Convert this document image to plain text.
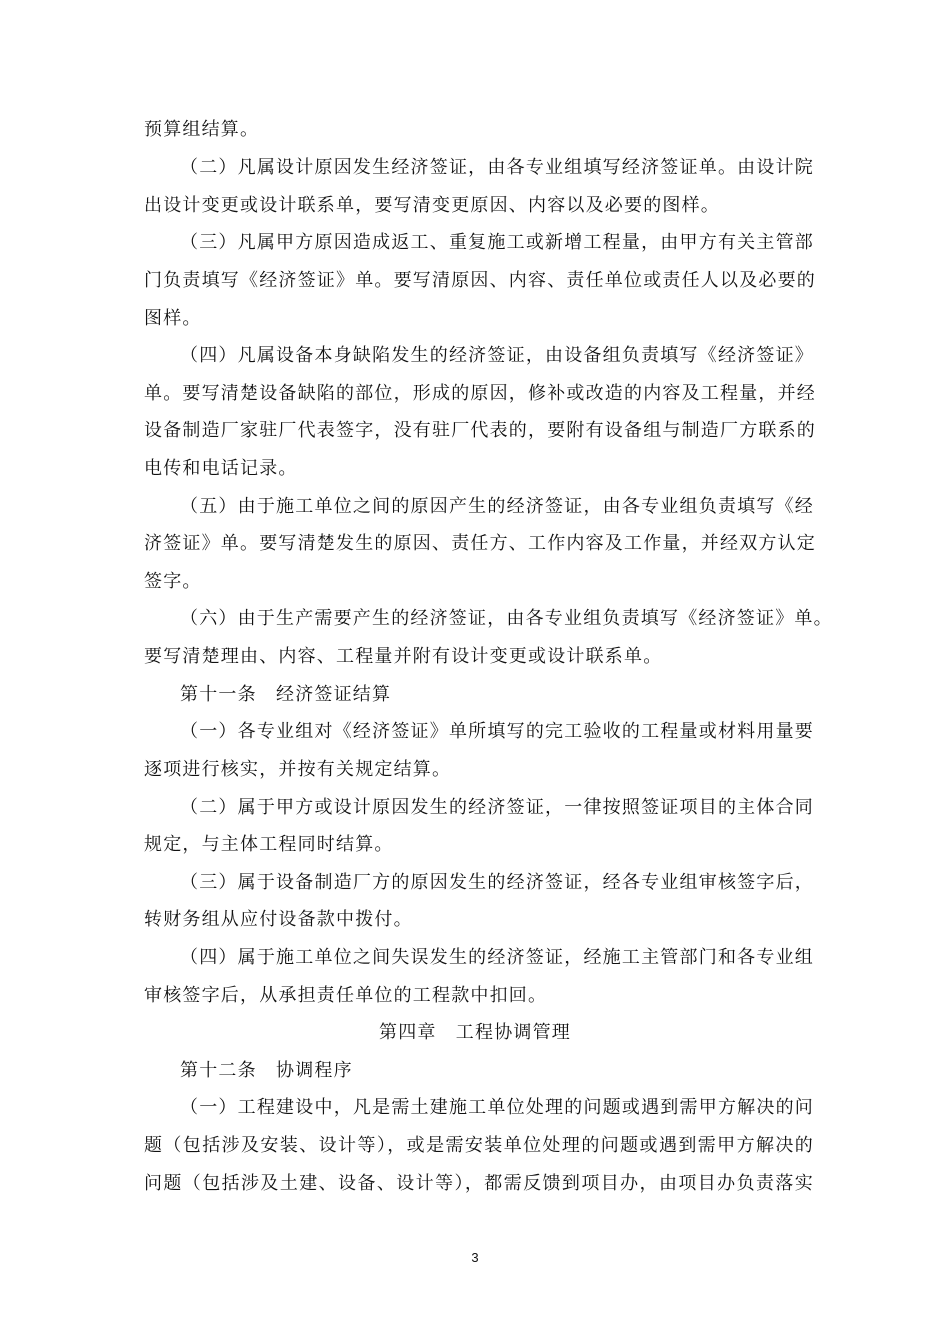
预算组结算。
（二）凡属设计原因发生经济签证，由各专业组填写经济签证单。由设计院
出设计变更或设计联系单，要写清变更原因、内容以及必要的图样。
（三）凡属甲方原因造成返工、重复施工或新增工程量，由甲方有关主管部
门负责填写《经济签证》单。要写清原因、内容、责任单位或责任人以及必要的
图样。
（四）凡属设备本身缺陷发生的经济签证，由设备组负责填写《经济签证》
单。要写清楚设备缺陷的部位，形成的原因，修补或改造的内容及工程量，并经
设备制造厂家驻厂代表签字，没有驻厂代表的，要附有设备组与制造厂方联系的
电传和电话记录。
（五）由于施工单位之间的原因产生的经济签证，由各专业组负责填写《经
济签证》单。要写清楚发生的原因、责任方、工作内容及工作量，并经双方认定
签字。
（六）由于生产需要产生的经济签证，由各专业组负责填写《经济签证》单。
要写清楚理由、内容、工程量并附有设计变更或设计联系单。
第十一条　经济签证结算
（一）各专业组对《经济签证》单所填写的完工验收的工程量或材料用量要
逐项进行核实，并按有关规定结算。
（二）属于甲方或设计原因发生的经济签证，一律按照签证项目的主体合同
规定，与主体工程同时结算。
（三）属于设备制造厂方的原因发生的经济签证，经各专业组审核签字后，
转财务组从应付设备款中拨付。
（四）属于施工单位之间失误发生的经济签证，经施工主管部门和各专业组
审核签字后，从承担责任单位的工程款中扣回。
第四章　工程协调管理
第十二条　协调程序
（一）工程建设中，凡是需土建施工单位处理的问题或遇到需甲方解决的问
题（包括涉及安装、设计等），或是需安装单位处理的问题或遇到需甲方解决的
问题（包括涉及土建、设备、设计等），都需反馈到项目办，由项目办负责落实
3
